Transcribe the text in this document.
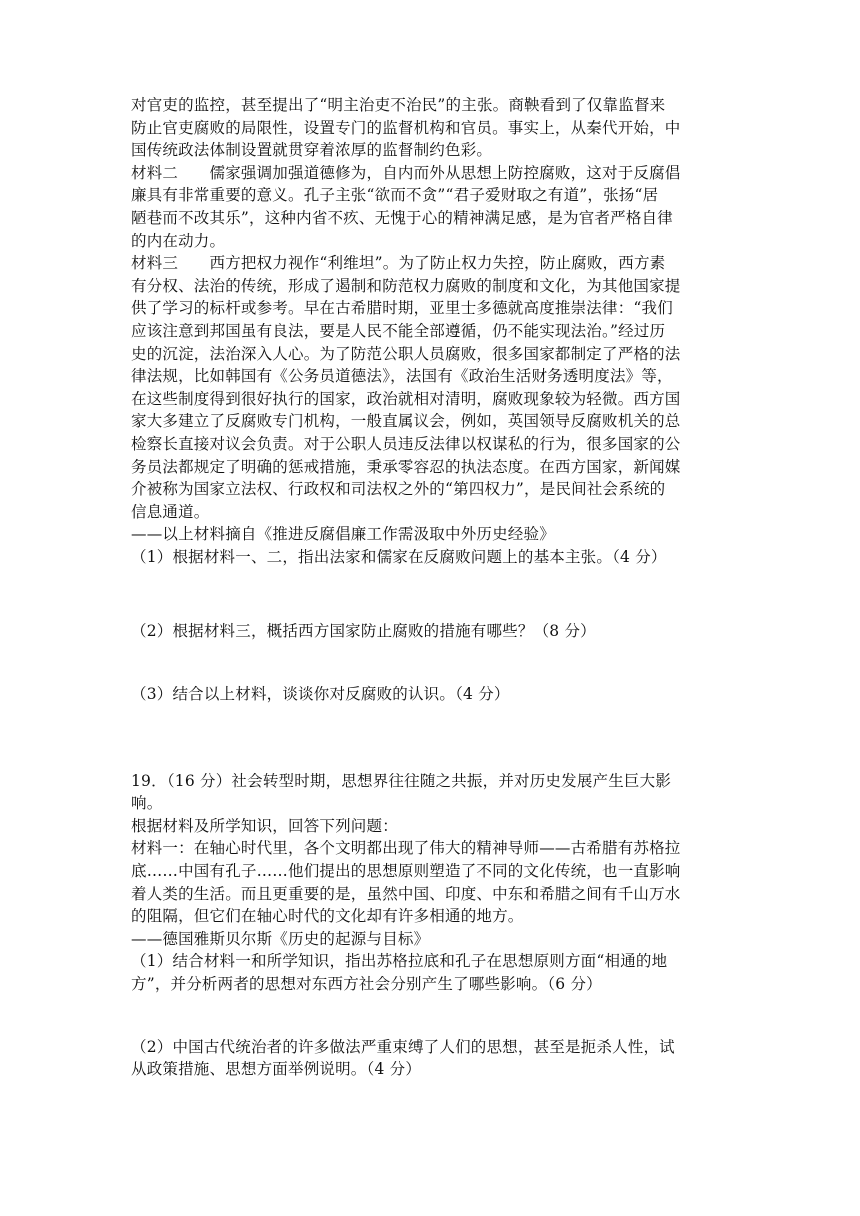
对官吏的监控，甚至提出了“明主治吏不治民”的主张。商鞅看到了仅靠监督来
防止官吏腐败的局限性，设置专门的监督机构和官员。事实上，从秦代开始，中
国传统政法体制设置就贯穿着浓厚的监督制约色彩。
材料二　　儒家强调加强道德修为，自内而外从思想上防控腐败，这对于反腐倡
廉具有非常重要的意义。孔子主张“欲而不贪”“君子爱财取之有道”，张扬“居
陋巷而不改其乐”，这种内省不疚、无愧于心的精神满足感，是为官者严格自律
的内在动力。
材料三　　西方把权力视作“利维坦”。为了防止权力失控，防止腐败，西方素
有分权、法治的传统，形成了遏制和防范权力腐败的制度和文化，为其他国家提
供了学习的标杆或参考。早在古希腊时期，亚里士多德就高度推崇法律：“我们
应该注意到邦国虽有良法，要是人民不能全部遵循，仍不能实现法治。”经过历
史的沉淀，法治深入人心。为了防范公职人员腐败，很多国家都制定了严格的法
律法规，比如韩国有《公务员道德法》，法国有《政治生活财务透明度法》等，
在这些制度得到很好执行的国家，政治就相对清明，腐败现象较为轻微。西方国
家大多建立了反腐败专门机构，一般直属议会，例如，英国领导反腐败机关的总
检察长直接对议会负责。对于公职人员违反法律以权谋私的行为，很多国家的公
务员法都规定了明确的惩戒措施，秉承零容忍的执法态度。在西方国家，新闻媒
介被称为国家立法权、行政权和司法权之外的“第四权力”，是民间社会系统的
信息通道。
——以上材料摘自《推进反腐倡廉工作需汲取中外历史经验》
（1）根据材料一、二，指出法家和儒家在反腐败问题上的基本主张。（4 分）
（2）根据材料三，概括西方国家防止腐败的措施有哪些？（8 分）
（3）结合以上材料，谈谈你对反腐败的认识。（4 分）
19．（16 分）社会转型时期，思想界往往随之共振，并对历史发展产生巨大影
响。
根据材料及所学知识，回答下列问题：
材料一：在轴心时代里，各个文明都出现了伟大的精神导师——古希腊有苏格拉
底……中国有孔子……他们提出的思想原则塑造了不同的文化传统，也一直影响
着人类的生活。而且更重要的是，虽然中国、印度、中东和希腊之间有千山万水
的阻隔，但它们在轴心时代的文化却有许多相通的地方。
——德国雅斯贝尔斯《历史的起源与目标》
（1）结合材料一和所学知识，指出苏格拉底和孔子在思想原则方面“相通的地
方”，并分析两者的思想对东西方社会分别产生了哪些影响。（6 分）
（2）中国古代统治者的许多做法严重束缚了人们的思想，甚至是扼杀人性，试
从政策措施、思想方面举例说明。（4 分）
